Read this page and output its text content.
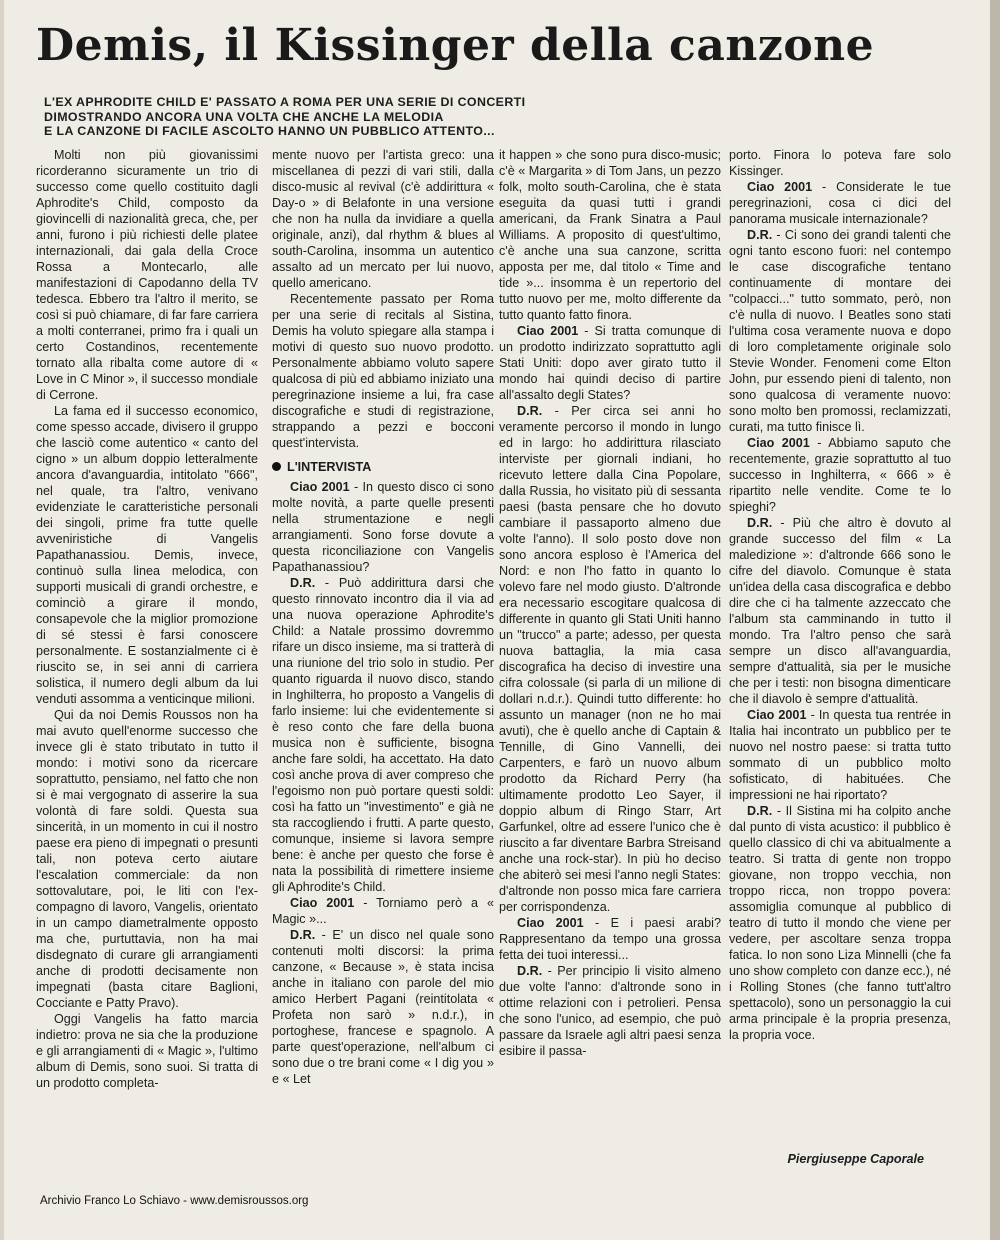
Demis, il Kissinger della canzone
L'EX APHRODITE CHILD E' PASSATO A ROMA PER UNA SERIE DI CONCERTI
DIMOSTRANDO ANCORA UNA VOLTA CHE ANCHE LA MELODIA
E LA CANZONE DI FACILE ASCOLTO HANNO UN PUBBLICO ATTENTO...

Molti non più giovanissimi ricorderanno sicuramente un trio di successo come quello costituito dagli Aphrodite's Child, composto da giovincelli di nazionalità greca, che, per anni, furono i più richiesti delle platee internazionali, dai gala della Croce Rossa a Montecarlo, alle manifestazioni di Capodanno della TV tedesca. Ebbero tra l'altro il merito, se così si può chiamare, di far fare carriera a molti conterranei, primo fra i quali un certo Costandinos, recentemente tornato alla ribalta come autore di « Love in C Minor », il successo mondiale di Cerrone.

La fama ed il successo economico, come spesso accade, divisero il gruppo che lasciò come autentico « canto del cigno » un album doppio letteralmente ancora d'avanguardia, intitolato "666", nel quale, tra l'altro, venivano evidenziate le caratteristiche personali dei singoli, prime fra tutte quelle avveniristiche di Vangelis Papathanassiou. Demis, invece, continuò sulla linea melodica, con supporti musicali di grandi orchestre, e cominciò a girare il mondo, consapevole che la miglior promozione di sé stessi è farsi conoscere personalmente. E sostanzialmente ci è riuscito se, in sei anni di carriera solistica, il numero degli album da lui venduti assomma a venticinque milioni.

Qui da noi Demis Roussos non ha mai avuto quell'enorme successo che invece gli è stato tributato in tutto il mondo: i motivi sono da ricercare soprattutto, pensiamo, nel fatto che non si è mai vergognato di asserire la sua volontà di fare soldi. Questa sua sincerità, in un momento in cui il nostro paese era pieno di impegnati o presunti tali, non poteva certo aiutare l'escalation commerciale: da non sottovalutare, poi, le liti con l'ex-compagno di lavoro, Vangelis, orientato in un campo diametralmente opposto ma che, purtuttavia, non ha mai disdegnato di curare gli arrangiamenti anche di prodotti decisamente non impegnati (basta citare Baglioni, Cocciante e Patty Pravo).

Oggi Vangelis ha fatto marcia indietro: prova ne sia che la produzione e gli arrangiamenti di « Magic », l'ultimo album di Demis, sono suoi. Si tratta di un prodotto completa-

mente nuovo per l'artista greco: una miscellanea di pezzi di vari stili, dalla disco-music al revival (c'è addirittura « Day-o » di Belafonte in una versione che non ha nulla da invidiare a quella originale, anzi), dal rhythm & blues al south-Carolina, insomma un autentico assalto ad un mercato per lui nuovo, quello americano.

Recentemente passato per Roma per una serie di recitals al Sistina, Demis ha voluto spiegare alla stampa i motivi di questo suo nuovo prodotto. Personalmente abbiamo voluto sapere qualcosa di più ed abbiamo iniziato una peregrinazione insieme a lui, fra case discografiche e studi di registrazione, strappando a pezzi e bocconi quest'intervista.

L'INTERVISTA

Ciao 2001 - In questo disco ci sono molte novità, a parte quelle presenti nella strumentazione e negli arrangiamenti. Sono forse dovute a questa riconciliazione con Vangelis Papathanassiou?

D.R. - Può addirittura darsi che questo rinnovato incontro dia il via ad una nuova operazione Aphrodite's Child: a Natale prossimo dovremmo rifare un disco insieme, ma si tratterà di una riunione del trio solo in studio. Per quanto riguarda il nuovo disco, stando in Inghilterra, ho proposto a Vangelis di farlo insieme: lui che evidentemente si è reso conto che fare della buona musica non è sufficiente, bisogna anche fare soldi, ha accettato. Ha dato così anche prova di aver compreso che l'egoismo non può portare questi soldi: così ha fatto un "investimento" e già ne sta raccogliendo i frutti. A parte questo, comunque, insieme si lavora sempre bene: è anche per questo che forse è nata la possibilità di rimettere insieme gli Aphrodite's Child.

Ciao 2001 - Torniamo però a « Magic »...

D.R. - E' un disco nel quale sono contenuti molti discorsi: la prima canzone, « Because », è stata incisa anche in italiano con parole del mio amico Herbert Pagani (reintitolata « Profeta non sarò » n.d.r.), in portoghese, francese e spagnolo. A parte quest'operazione, nell'album ci sono due o tre brani come « I dig you » e « Let

it happen » che sono pura disco-music; c'è « Margarita » di Tom Jans, un pezzo folk, molto south-Carolina, che è stata eseguita da quasi tutti i grandi americani, da Frank Sinatra a Paul Williams. A proposito di quest'ultimo, c'è anche una sua canzone, scritta apposta per me, dal titolo « Time and tide »... insomma è un repertorio del tutto nuovo per me, molto differente da tutto quanto fatto finora.

Ciao 2001 - Si tratta comunque di un prodotto indirizzato soprattutto agli Stati Uniti: dopo aver girato tutto il mondo hai quindi deciso di partire all'assalto degli States?

D.R. - Per circa sei anni ho veramente percorso il mondo in lungo ed in largo: ho addirittura rilasciato interviste per giornali indiani, ho ricevuto lettere dalla Cina Popolare, dalla Russia, ho visitato più di sessanta paesi (basta pensare che ho dovuto cambiare il passaporto almeno due volte l'anno). Il solo posto dove non sono ancora esploso è l'America del Nord: e non l'ho fatto in quanto lo volevo fare nel modo giusto. D'altronde era necessario escogitare qualcosa di differente in quanto gli Stati Uniti hanno un "trucco" a parte; adesso, per questa nuova battaglia, la mia casa discografica ha deciso di investire una cifra colossale (si parla di un milione di dollari n.d.r.). Quindi tutto differente: ho assunto un manager (non ne ho mai avuti), che è quello anche di Captain & Tennille, di Gino Vannelli, dei Carpenters, e farò un nuovo album prodotto da Richard Perry (ha ultimamente prodotto Leo Sayer, il doppio album di Ringo Starr, Art Garfunkel, oltre ad essere l'unico che è riuscito a far diventare Barbra Streisand anche una rock-star). In più ho deciso che abiterò sei mesi l'anno negli States: d'altronde non posso mica fare carriera per corrispondenza.

Ciao 2001 - E i paesi arabi? Rappresentano da tempo una grossa fetta dei tuoi interessi...

D.R. - Per principio li visito almeno due volte l'anno: d'altronde sono in ottime relazioni con i petrolieri. Pensa che sono l'unico, ad esempio, che può passare da Israele agli altri paesi senza esibire il passa-

porto. Finora lo poteva fare solo Kissinger.

Ciao 2001 - Considerate le tue peregrinazioni, cosa ci dici del panorama musicale internazionale?

D.R. - Ci sono dei grandi talenti che ogni tanto escono fuori: nel contempo le case discografiche tentano continuamente di montare dei "colpacci..." tutto sommato, però, non c'è nulla di nuovo. I Beatles sono stati l'ultima cosa veramente nuova e dopo di loro completamente originale solo Stevie Wonder. Fenomeni come Elton John, pur essendo pieni di talento, non sono qualcosa di veramente nuovo: sono molto ben promossi, reclamizzati, curati, ma tutto finisce lì.

Ciao 2001 - Abbiamo saputo che recentemente, grazie soprattutto al tuo successo in Inghilterra, « 666 » è ripartito nelle vendite. Come te lo spieghi?

D.R. - Più che altro è dovuto al grande successo del film « La maledizione »: d'altronde 666 sono le cifre del diavolo. Comunque è stata un'idea della casa discografica e debbo dire che ci ha talmente azzeccato che l'album sta camminando in tutto il mondo. Tra l'altro penso che sarà sempre un disco all'avanguardia, sempre d'attualità, sia per le musiche che per i testi: non bisogna dimenticare che il diavolo è sempre d'attualità.

Ciao 2001 - In questa tua rentrée in Italia hai incontrato un pubblico per te nuovo nel nostro paese: si tratta tutto sommato di un pubblico molto sofisticato, di habituées. Che impressioni ne hai riportato?

D.R. - Il Sistina mi ha colpito anche dal punto di vista acustico: il pubblico è quello classico di chi va abitualmente a teatro. Si tratta di gente non troppo giovane, non troppo vecchia, non troppo ricca, non troppo povera: assomiglia comunque al pubblico di teatro di tutto il mondo che viene per vedere, per ascoltare senza troppa fatica. Io non sono Liza Minnelli (che fa uno show completo con danze ecc.), né i Rolling Stones (che fanno tutt'altro spettacolo), sono un personaggio la cui arma principale è la propria presenza, la propria voce.

Piergiuseppe Caporale
Archivio Franco Lo Schiavo - www.demisroussos.org
